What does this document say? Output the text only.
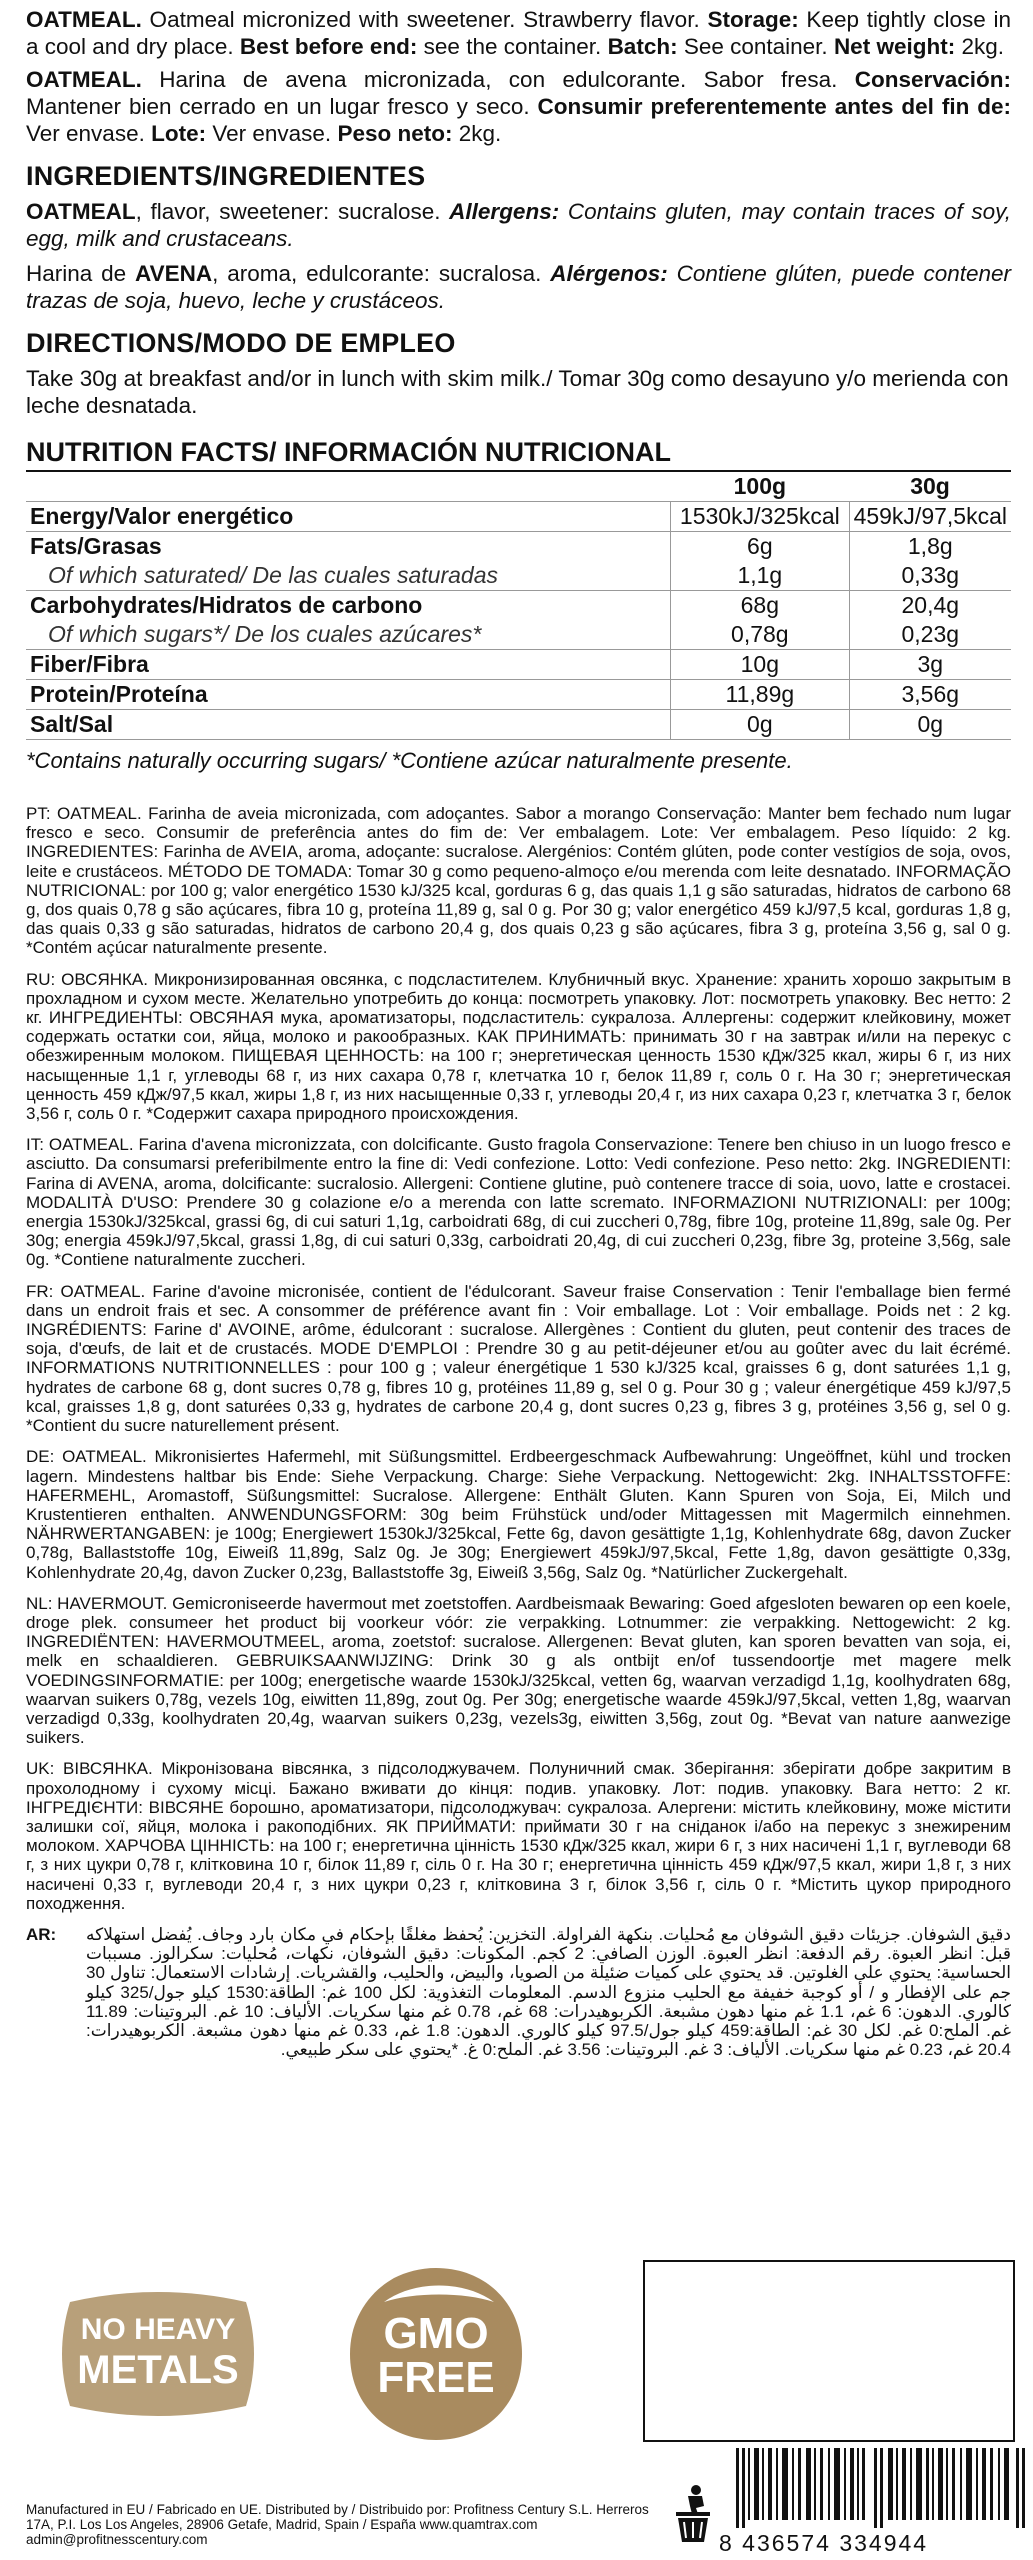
OATMEAL. Oatmeal micronized with sweetener. Strawberry flavor. Storage: Keep tightly close in a cool and dry place. Best before end: see the container. Batch: See container. Net weight: 2kg.

OATMEAL. Harina de avena micronizada, con edulcorante. Sabor fresa. Conservación: Mantener bien cerrado en un lugar fresco y seco. Consumir preferentemente antes del fin de: Ver envase. Lote: Ver envase. Peso neto: 2kg.

INGREDIENTS/INGREDIENTES

OATMEAL, flavor, sweetener: sucralose. Allergens: Contains gluten, may contain traces of soy, egg, milk and crustaceans.

Harina de AVENA, aroma, edulcorante: sucralosa. Alérgenos: Contiene glúten, puede contener trazas de soja, huevo, leche y crustáceos.

DIRECTIONS/MODO DE EMPLEO

Take 30g at breakfast and/or in lunch with skim milk./ Tomar 30g como desayuno y/o merienda con leche desnatada.

NUTRITION FACTS/ INFORMACIÓN NUTRICIONAL
	100g	30g
Energy/Valor energético	1530kJ/325kcal	459kJ/97,5kcal
Fats/Grasas	6g	1,8g
Of which saturated/ De las cuales saturadas	1,1g	0,33g
Carbohydrates/Hidratos de carbono	68g	20,4g
Of which sugars*/ De los cuales azúcares*	0,78g	0,23g
Fiber/Fibra	10g	3g
Protein/Proteína	11,89g	3,56g
Salt/Sal	0g	0g

*Contains naturally occurring sugars/ *Contiene azúcar naturalmente presente.

PT: OATMEAL. Farinha de aveia micronizada, com adoçantes. Sabor a morango Conservação: Manter bem fechado num lugar fresco e seco. Consumir de preferência antes do fim de: Ver embalagem. Lote: Ver embalagem. Peso líquido: 2 kg. INGREDIENTES: Farinha de AVEIA, aroma, adoçante: sucralose. Alergénios: Contém glúten, pode conter vestígios de soja, ovos, leite e crustáceos. MÉTODO DE TOMADA: Tomar 30 g como pequeno-almoço e/ou merenda com leite desnatado. INFORMAÇÃO NUTRICIONAL: por 100 g; valor energético 1530 kJ/325 kcal, gorduras 6 g, das quais 1,1 g são saturadas, hidratos de carbono 68 g, dos quais 0,78 g são açúcares, fibra 10 g, proteína 11,89 g, sal 0 g. Por 30 g; valor energético 459 kJ/97,5 kcal, gorduras 1,8 g, das quais 0,33 g são saturadas, hidratos de carbono 20,4 g, dos quais 0,23 g são açúcares, fibra 3 g, proteína 3,56 g, sal 0 g. *Contém açúcar naturalmente presente.

RU: ОВСЯНКА. Микронизированная овсянка, с подсластителем. Клубничный вкус. Хранение: хранить хорошо закрытым в прохладном и сухом месте. Желательно употребить до конца: посмотреть упаковку. Лот: посмотреть упаковку. Вес нетто: 2 кг. ИНГРЕДИЕНТЫ: ОВСЯНАЯ мука, ароматизаторы, подсластитель: сукралоза. Аллергены: содержит клейковину, может содержать остатки сои, яйца, молоко и ракообразных. КАК ПРИНИМАТЬ: принимать 30 г на завтрак и/или на перекус с обезжиренным молоком. ПИЩЕВАЯ ЦЕННОСТЬ: на 100 г; энергетическая ценность 1530 кДж/325 ккал, жиры 6 г, из них насыщенные 1,1 г, углеводы 68 г, из них сахара 0,78 г, клетчатка 10 г, белок 11,89 г, соль 0 г. На 30 г; энергетическая ценность 459 кДж/97,5 ккал, жиры 1,8 г, из них насыщенные 0,33 г, углеводы 20,4 г, из них сахара 0,23 г, клетчатка 3 г, белок 3,56 г, соль 0 г. *Содержит сахара природного происхождения.

IT: OATMEAL. Farina d'avena micronizzata, con dolcificante. Gusto fragola Conservazione: Tenere ben chiuso in un luogo fresco e asciutto. Da consumarsi preferibilmente entro la fine di: Vedi confezione. Lotto: Vedi confezione. Peso netto: 2kg. INGREDIENTI: Farina di AVENA, aroma, dolcificante: sucralosio. Allergeni: Contiene glutine, può contenere tracce di soia, uovo, latte e crostacei. MODALITÀ D'USO: Prendere 30 g colazione e/o a merenda con latte scremato. INFORMAZIONI NUTRIZIONALI: per 100g; energia 1530kJ/325kcal, grassi 6g, di cui saturi 1,1g, carboidrati 68g, di cui zuccheri 0,78g, fibre 10g, proteine 11,89g, sale 0g. Per 30g; energia 459kJ/97,5kcal, grassi 1,8g, di cui saturi 0,33g, carboidrati 20,4g, di cui zuccheri 0,23g, fibre 3g, proteine 3,56g, sale 0g. *Contiene naturalmente zuccheri.

FR: OATMEAL. Farine d'avoine micronisée, contient de l'édulcorant. Saveur fraise Conservation : Tenir l'emballage bien fermé dans un endroit frais et sec. A consommer de préférence avant fin : Voir emballage. Lot : Voir emballage. Poids net : 2 kg. INGRÉDIENTS: Farine d' AVOINE, arôme, édulcorant : sucralose. Allergènes : Contient du gluten, peut contenir des traces de soja, d'œufs, de lait et de crustacés. MODE D'EMPLOI : Prendre 30 g au petit-déjeuner et/ou au goûter avec du lait écrémé. INFORMATIONS NUTRITIONNELLES : pour 100 g ; valeur énergétique 1 530 kJ/325 kcal, graisses 6 g, dont saturées 1,1 g, hydrates de carbone 68 g, dont sucres 0,78 g, fibres 10 g, protéines 11,89 g, sel 0 g. Pour 30 g ; valeur énergétique 459 kJ/97,5 kcal, graisses 1,8 g, dont saturées 0,33 g, hydrates de carbone 20,4 g, dont sucres 0,23 g, fibres 3 g, protéines 3,56 g, sel 0 g. *Contient du sucre naturellement présent.

DE: OATMEAL. Mikronisiertes Hafermehl, mit Süßungsmittel. Erdbeergeschmack Aufbewahrung: Ungeöffnet, kühl und trocken lagern. Mindestens haltbar bis Ende: Siehe Verpackung. Charge: Siehe Verpackung. Nettogewicht: 2kg. INHALTSSTOFFE: HAFERMEHL, Aromastoff, Süßungsmittel: Sucralose. Allergene: Enthält Gluten. Kann Spuren von Soja, Ei, Milch und Krustentieren enthalten. ANWENDUNGSFORM: 30g beim Frühstück und/oder Mittagessen mit Magermilch einnehmen. NÄHRWERTANGABEN: je 100g; Energiewert 1530kJ/325kcal, Fette 6g, davon gesättigte 1,1g, Kohlenhydrate 68g, davon Zucker 0,78g, Ballaststoffe 10g, Eiweiß 11,89g, Salz 0g. Je 30g; Energiewert 459kJ/97,5kcal, Fette 1,8g, davon gesättigte 0,33g, Kohlenhydrate 20,4g, davon Zucker 0,23g, Ballaststoffe 3g, Eiweiß 3,56g, Salz 0g. *Natürlicher Zuckergehalt.

NL: HAVERMOUT. Gemicroniseerde havermout met zoetstoffen. Aardbeismaak Bewaring: Goed afgesloten bewaren op een koele, droge plek. consumeer het product bij voorkeur vóór: zie verpakking. Lotnummer: zie verpakking. Nettogewicht: 2 kg. INGREDIËNTEN: HAVERMOUTMEEL, aroma, zoetstof: sucralose. Allergenen: Bevat gluten, kan sporen bevatten van soja, ei, melk en schaaldieren. GEBRUIKSAANWIJZING: Drink 30 g als ontbijt en/of tussendoortje met magere melk VOEDINGSINFORMATIE: per 100g; energetische waarde 1530kJ/325kcal, vetten 6g, waarvan verzadigd 1,1g, koolhydraten 68g, waarvan suikers 0,78g, vezels 10g, eiwitten 11,89g, zout 0g. Per 30g; energetische waarde 459kJ/97,5kcal, vetten 1,8g, waarvan verzadigd 0,33g, koolhydraten 20,4g, waarvan suikers 0,23g, vezels3g, eiwitten 3,56g, zout 0g. *Bevat van nature aanwezige suikers.

UK: ВІВСЯНКА. Мікронізована вівсянка, з підсолоджувачем. Полуничний смак. Зберігання: зберігати добре закритим в прохолодному і сухому місці. Бажано вживати до кінця: подив. упаковку. Лот: подив. упаковку. Вага нетто: 2 кг. ІНГРЕДІЄНТИ: ВІВСЯНЕ борошно, ароматизатори, підсолоджувач: сукралоза. Алергени: містить клейковину, може містити залишки сої, яйця, молока і ракоподібних. ЯК ПРИЙМАТИ: приймати 30 г на сніданок і/або на перекус з знежиреним молоком. ХАРЧОВА ЦІННІСТЬ: на 100 г; енергетична цінність 1530 кДж/325 ккал, жири 6 г, з них насичені 1,1 г, вуглеводи 68 г, з них цукри 0,78 г, клітковина 10 г, білок 11,89 г, сіль 0 г. На 30 г; енергетична цінність 459 кДж/97,5 ккал, жири 1,8 г, з них насичені 0,33 г, вуглеводи 20,4 г, з них цукри 0,23 г, клітковина 3 г, білок 3,56 г, сіль 0 г. *Містить цукор природного походження.

AR: دقيق الشوفان. جزيئات دقيق الشوفان مع مُحليات. بنكهة الفراولة. التخزين: يُحفظ مغلقًا بإحكام في مكان بارد وجاف. يُفضل استهلاكه قبل: انظر العبوة. رقم الدفعة: انظر العبوة. الوزن الصافي: 2 كجم. المكونات: دقيق الشوفان، نكهات، مُحليات: سكرالوز. مسببات الحساسية: يحتوي على الغلوتين. قد يحتوي على كميات ضئيلة من الصويا، والبيض، والحليب، والقشريات. إرشادات الاستعمال: تناول 30 جم على الإفطار و / أو كوجبة خفيفة مع الحليب منزوع الدسم. المعلومات التغذوية: لكل 100 غم: الطاقة:1530 كيلو جول/325 كيلو كالوري. الدهون: 6 غم، 1.1 غم منها دهون مشبعة. الكربوهيدرات: 68 غم، 0.78 غم منها سكريات. الألياف: 10 غم. البروتينات: 11.89 غم. الملح:0 غم. لكل 30 غم: الطاقة:459 كيلو جول/97.5 كيلو كالوري. الدهون: 1.8 غم، 0.33 غم منها دهون مشبعة. الكربوهيدرات: 20.4 غم، 0.23 غم منها سكريات. الألياف: 3 غم. البروتينات: 3.56 غم. الملح:0 غ. *يحتوي على سكر طبيعي.

NO HEAVY
METALS
GMO
FREE
Manufactured in EU / Fabricado en UE. Distributed by / Distribuido por: Profitness Century S.L. Herreros 17A, P.I. Los Los Angeles, 28906 Getafe, Madrid, Spain / España www.quamtrax.com admin@profitnesscentury.com	8 436574 334944
